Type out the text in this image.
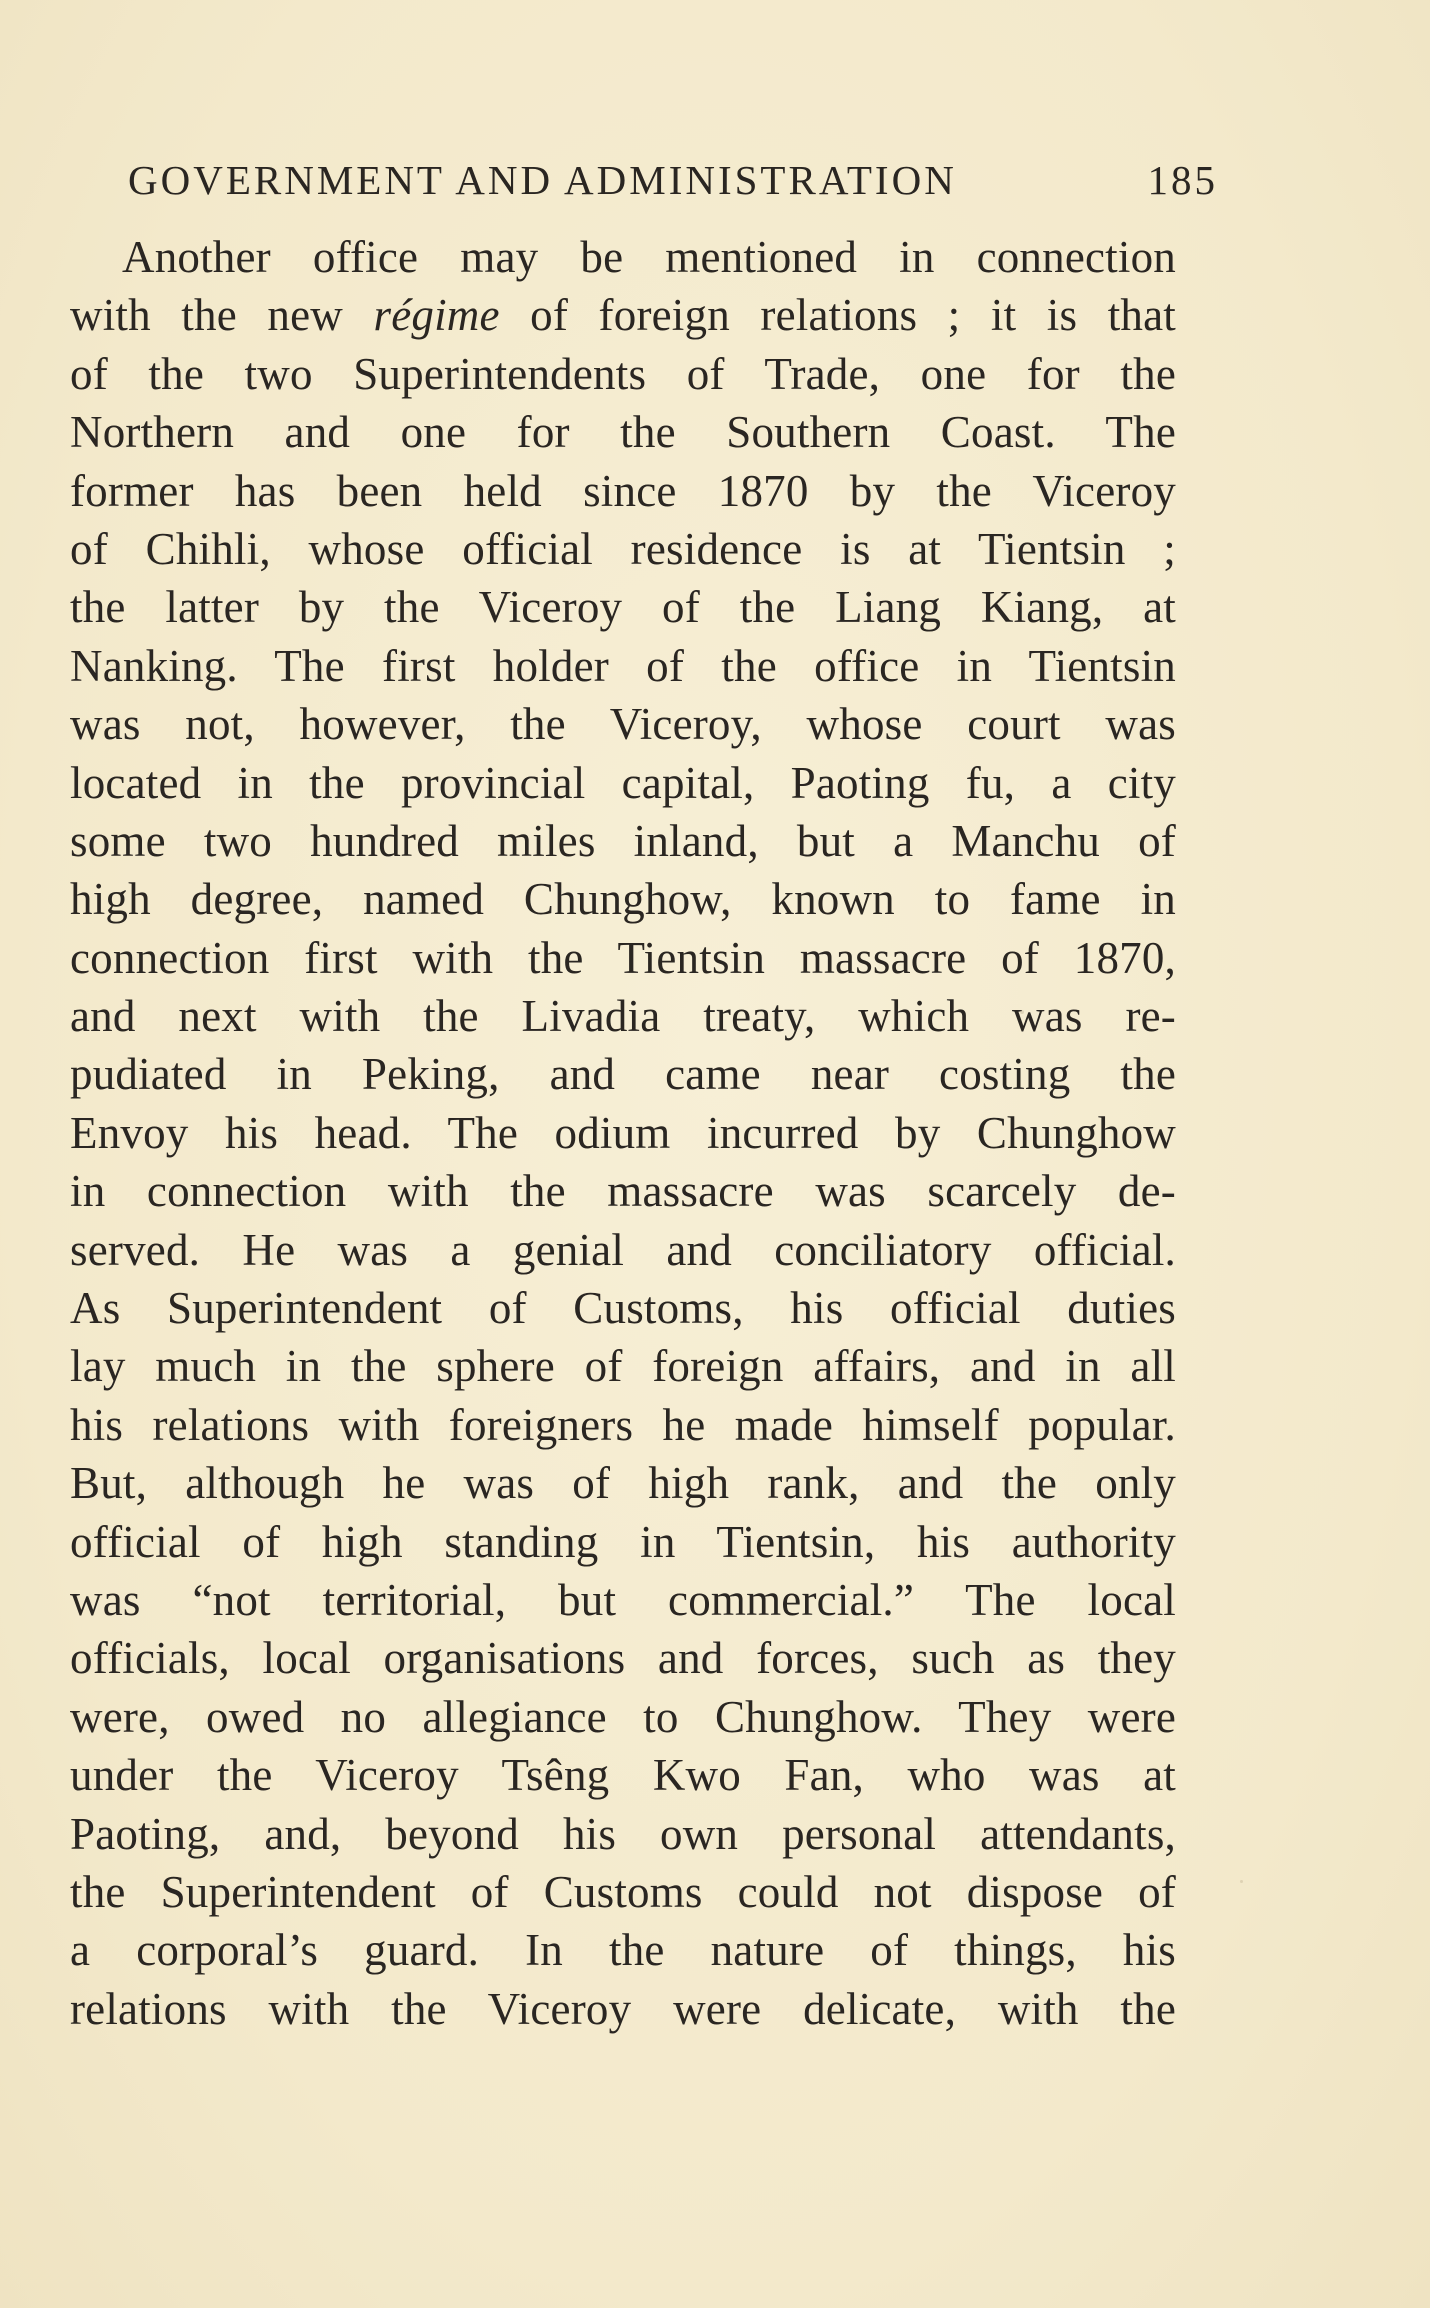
GOVERNMENT AND ADMINISTRATION	185
Another office may be mentioned in connection
with the new régime of foreign relations ; it is that
of the two Superintendents of Trade, one for the
Northern and one for the Southern Coast. The
former has been held since 1870 by the Viceroy
of Chihli, whose official residence is at Tientsin ;
the latter by the Viceroy of the Liang Kiang, at
Nanking. The first holder of the office in Tientsin
was not, however, the Viceroy, whose court was
located in the provincial capital, Paoting fu, a city
some two hundred miles inland, but a Manchu of
high degree, named Chunghow, known to fame in
connection first with the Tientsin massacre of 1870,
and next with the Livadia treaty, which was re-
pudiated in Peking, and came near costing the
Envoy his head. The odium incurred by Chunghow
in connection with the massacre was scarcely de-
served. He was a genial and conciliatory official.
As Superintendent of Customs, his official duties
lay much in the sphere of foreign affairs, and in all
his relations with foreigners he made himself popular.
But, although he was of high rank, and the only
official of high standing in Tientsin, his authority
was “not territorial, but commercial.” The local
officials, local organisations and forces, such as they
were, owed no allegiance to Chunghow. They were
under the Viceroy Tsêng Kwo Fan, who was at
Paoting, and, beyond his own personal attendants,
the Superintendent of Customs could not dispose of
a corporal’s guard. In the nature of things, his
relations with the Viceroy were delicate, with the
